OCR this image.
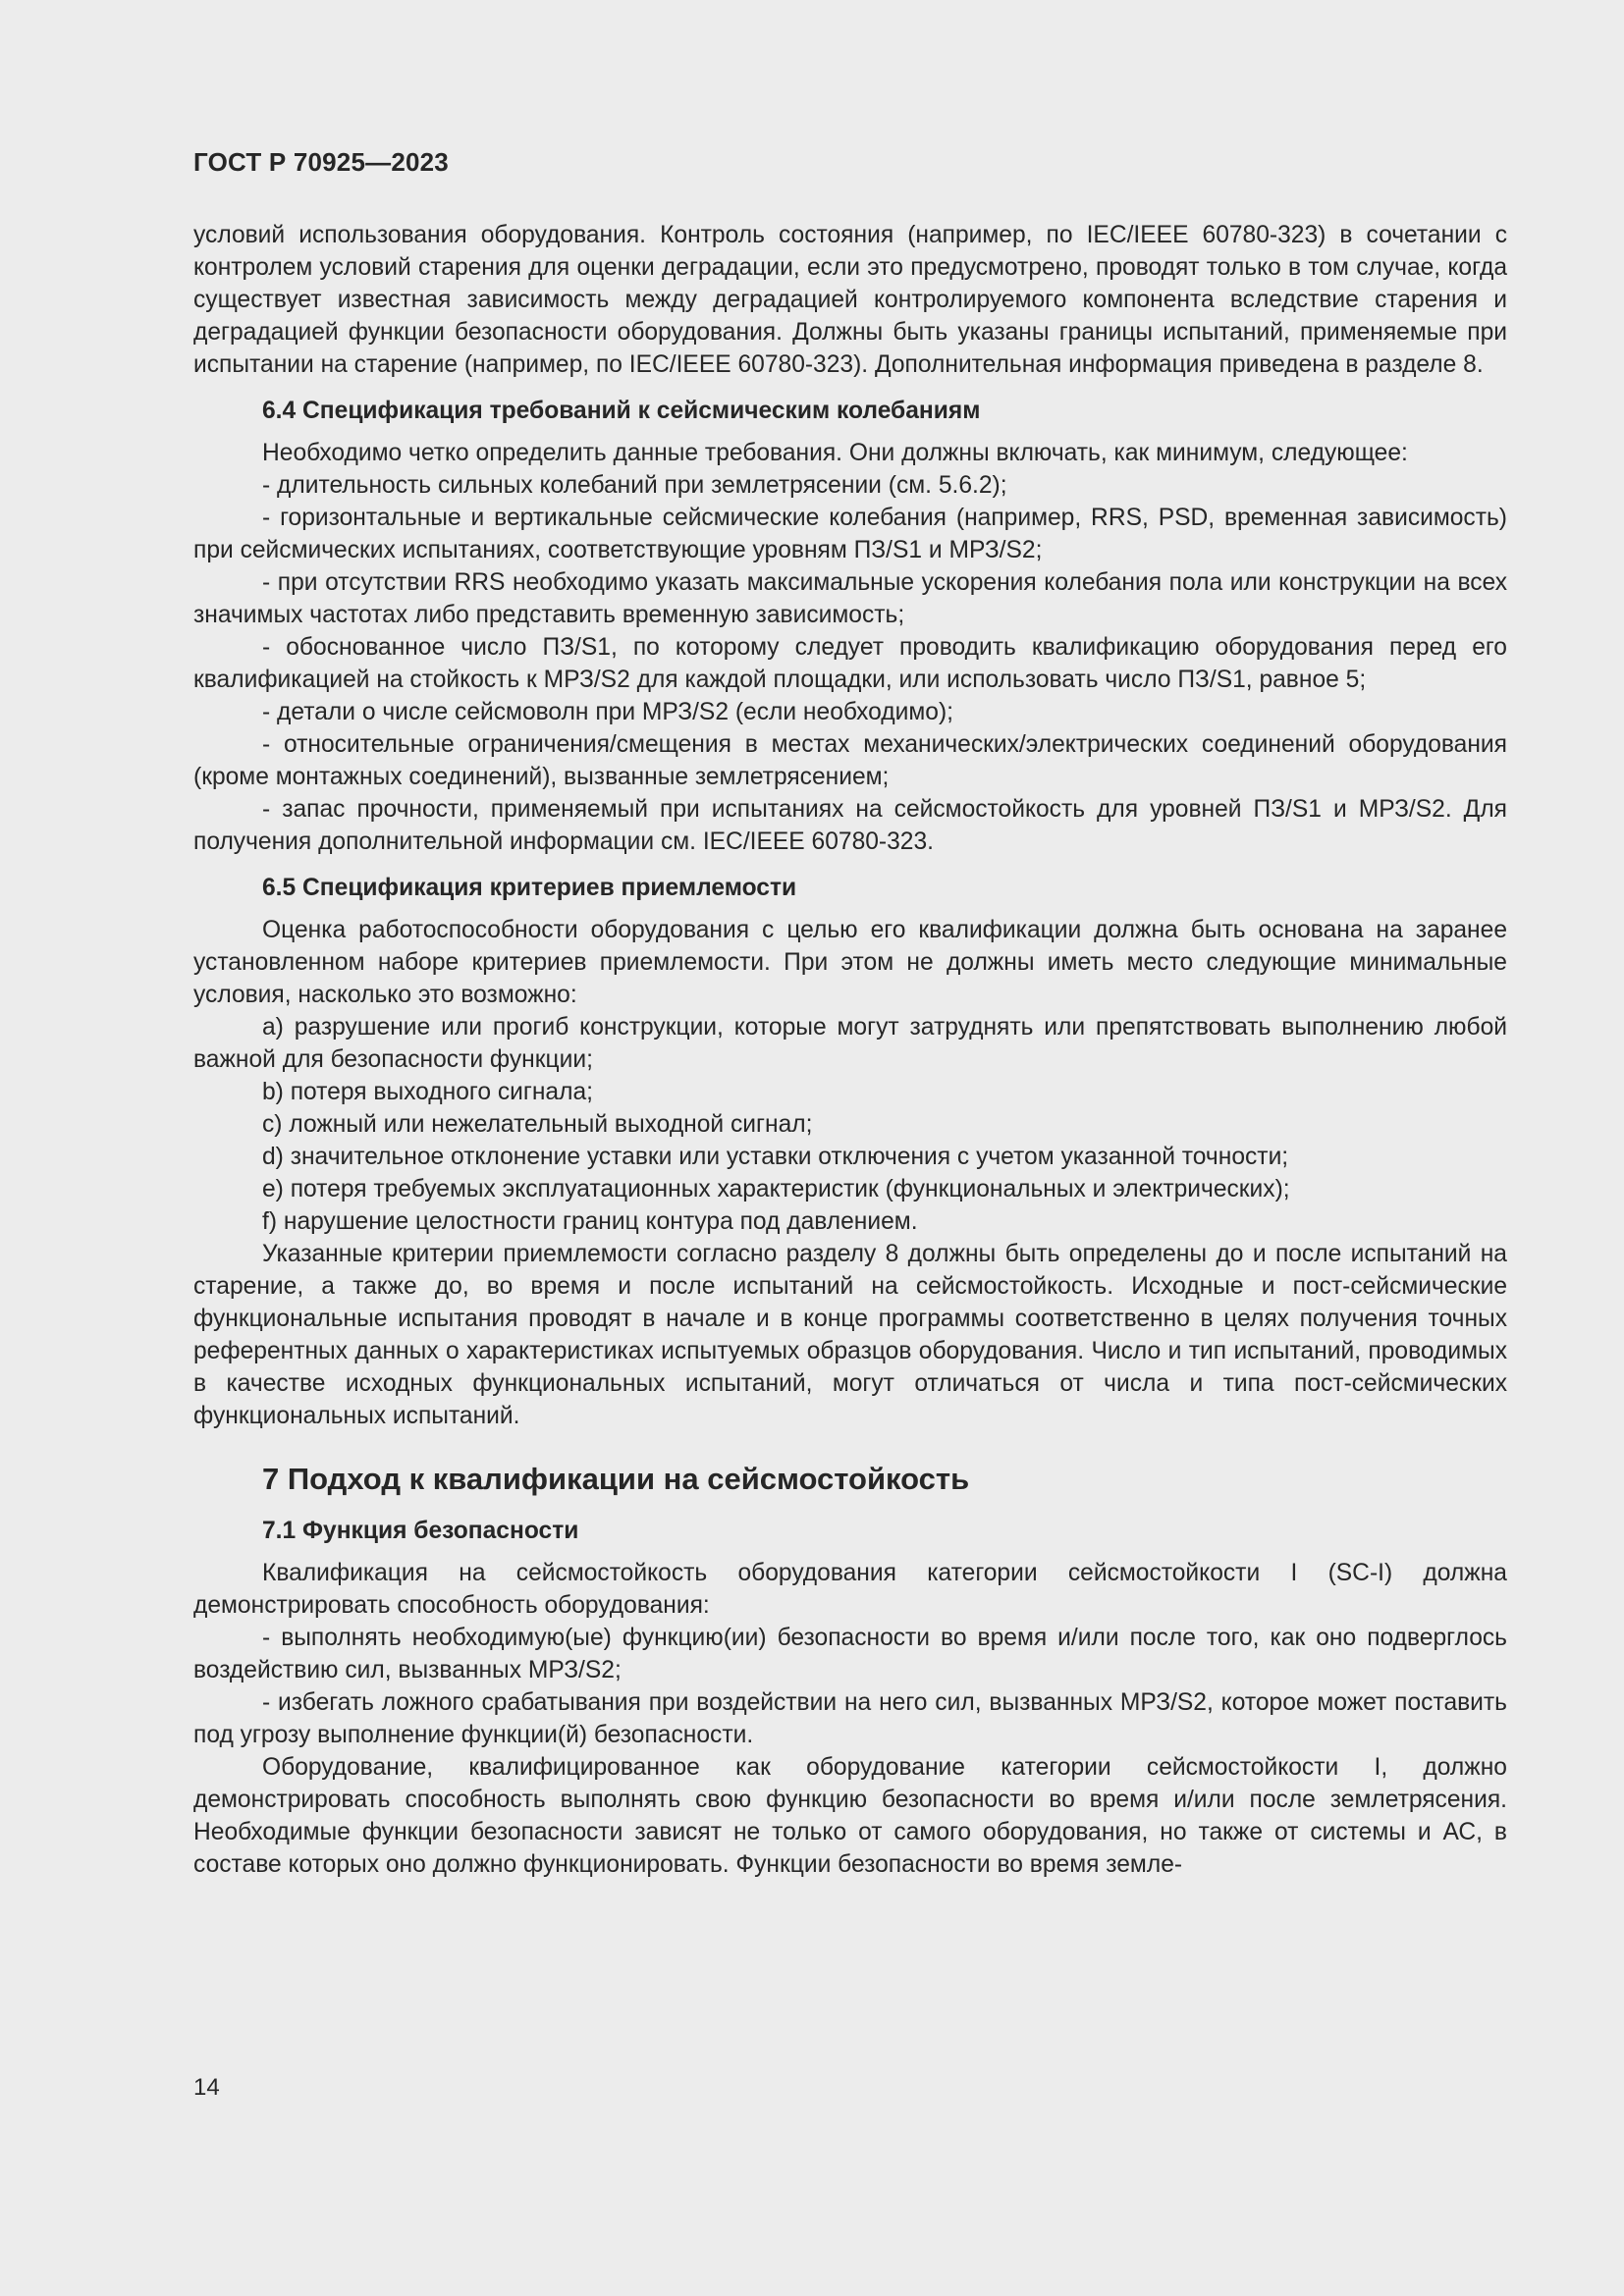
ГОСТ Р 70925—2023

условий использования оборудования. Контроль состояния (например, по IEC/IEEE 60780-323) в сочетании с контролем условий старения для оценки деградации, если это предусмотрено, проводят только в том случае, когда существует известная зависимость между деградацией контролируемого компонента вследствие старения и деградацией функции безопасности оборудования. Должны быть указаны границы испытаний, применяемые при испытании на старение (например, по IEC/IEEE 60780-323). Дополнительная информация приведена в разделе 8.

6.4 Спецификация требований к сейсмическим колебаниям

Необходимо четко определить данные требования. Они должны включать, как минимум, следующее:

- длительность сильных колебаний при землетрясении (см. 5.6.2);

- горизонтальные и вертикальные сейсмические колебания (например, RRS, PSD, временная зависимость) при сейсмических испытаниях, соответствующие уровням ПЗ/S1 и МРЗ/S2;

- при отсутствии RRS необходимо указать максимальные ускорения колебания пола или конструкции на всех значимых частотах либо представить временную зависимость;

- обоснованное число ПЗ/S1, по которому следует проводить квалификацию оборудования перед его квалификацией на стойкость к МРЗ/S2 для каждой площадки, или использовать число ПЗ/S1, равное 5;

- детали о числе сейсмоволн при МРЗ/S2 (если необходимо);

- относительные ограничения/смещения в местах механических/электрических соединений оборудования (кроме монтажных соединений), вызванные землетрясением;

- запас прочности, применяемый при испытаниях на сейсмостойкость для уровней ПЗ/S1 и МРЗ/S2. Для получения дополнительной информации см. IEC/IEEE 60780-323.

6.5 Спецификация критериев приемлемости

Оценка работоспособности оборудования с целью его квалификации должна быть основана на заранее установленном наборе критериев приемлемости. При этом не должны иметь место следующие минимальные условия, насколько это возможно:

a) разрушение или прогиб конструкции, которые могут затруднять или препятствовать выполнению любой важной для безопасности функции;

b) потеря выходного сигнала;

c) ложный или нежелательный выходной сигнал;

d) значительное отклонение уставки или уставки отключения с учетом указанной точности;

e) потеря требуемых эксплуатационных характеристик (функциональных и электрических);

f) нарушение целостности границ контура под давлением.

Указанные критерии приемлемости согласно разделу 8 должны быть определены до и после испытаний на старение, а также до, во время и после испытаний на сейсмостойкость. Исходные и пост-сейсмические функциональные испытания проводят в начале и в конце программы соответственно в целях получения точных референтных данных о характеристиках испытуемых образцов оборудования. Число и тип испытаний, проводимых в качестве исходных функциональных испытаний, могут отличаться от числа и типа пост-сейсмических функциональных испытаний.

7 Подход к квалификации на сейсмостойкость

7.1 Функция безопасности

Квалификация на сейсмостойкость оборудования категории сейсмостойкости I (SC-I) должна демонстрировать способность оборудования:

- выполнять необходимую(ые) функцию(ии) безопасности во время и/или после того, как оно подверглось воздействию сил, вызванных МРЗ/S2;

- избегать ложного срабатывания при воздействии на него сил, вызванных МРЗ/S2, которое может поставить под угрозу выполнение функции(й) безопасности.

Оборудование, квалифицированное как оборудование категории сейсмостойкости I, должно демонстрировать способность выполнять свою функцию безопасности во время и/или после землетрясения. Необходимые функции безопасности зависят не только от самого оборудования, но также от системы и АС, в составе которых оно должно функционировать. Функции безопасности во время земле-

14
